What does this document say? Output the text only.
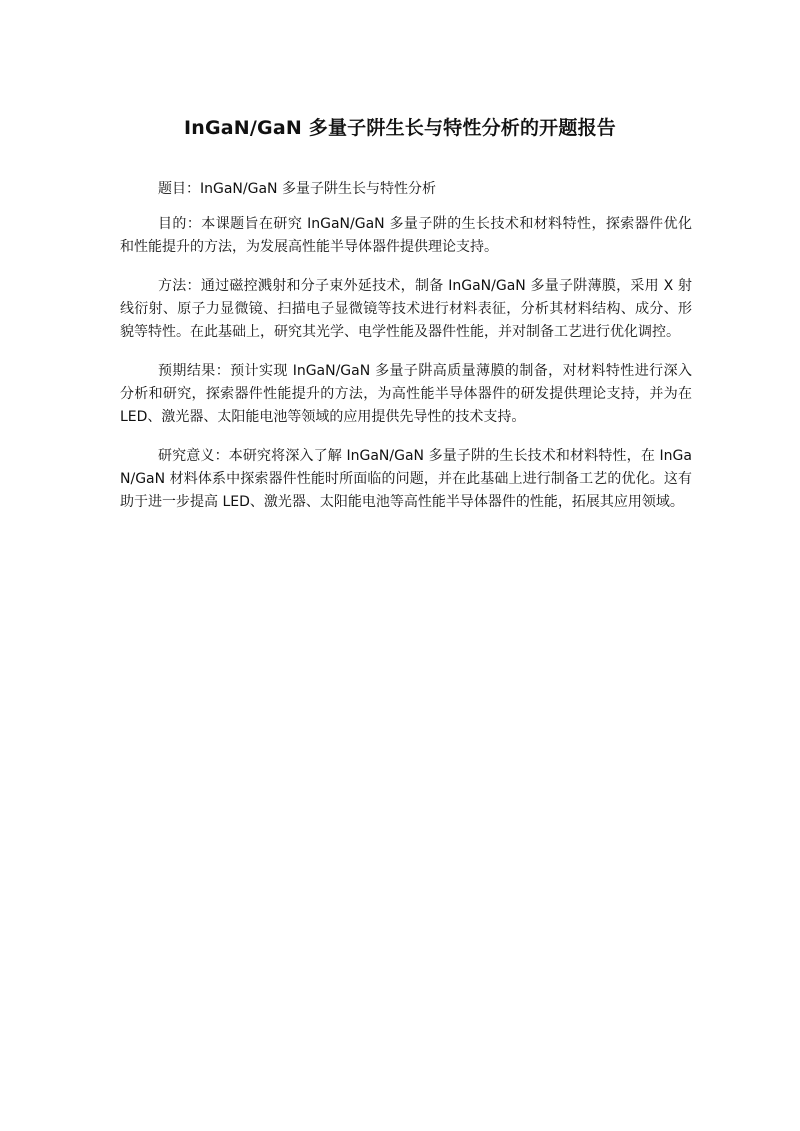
InGaN/GaN 多量子阱生长与特性分析的开题报告

题目：InGaN/GaN 多量子阱生长与特性分析

目的：本课题旨在研究 InGaN/GaN 多量子阱的生长技术和材料特性，探索器件优化和性能提升的方法，为发展高性能半导体器件提供理论支持。

方法：通过磁控溅射和分子束外延技术，制备 InGaN/GaN 多量子阱薄膜，采用 X 射线衍射、原子力显微镜、扫描电子显微镜等技术进行材料表征，分析其材料结构、成分、形貌等特性。在此基础上，研究其光学、电学性能及器件性能，并对制备工艺进行优化调控。

预期结果：预计实现 InGaN/GaN 多量子阱高质量薄膜的制备，对材料特性进行深入分析和研究，探索器件性能提升的方法，为高性能半导体器件的研发提供理论支持，并为在 LED、激光器、太阳能电池等领域的应用提供先导性的技术支持。

研究意义：本研究将深入了解 InGaN/GaN 多量子阱的生长技术和材料特性，在 InGaN/GaN 材料体系中探索器件性能时所面临的问题，并在此基础上进行制备工艺的优化。这有助于进一步提高 LED、激光器、太阳能电池等高性能半导体器件的性能，拓展其应用领域。
